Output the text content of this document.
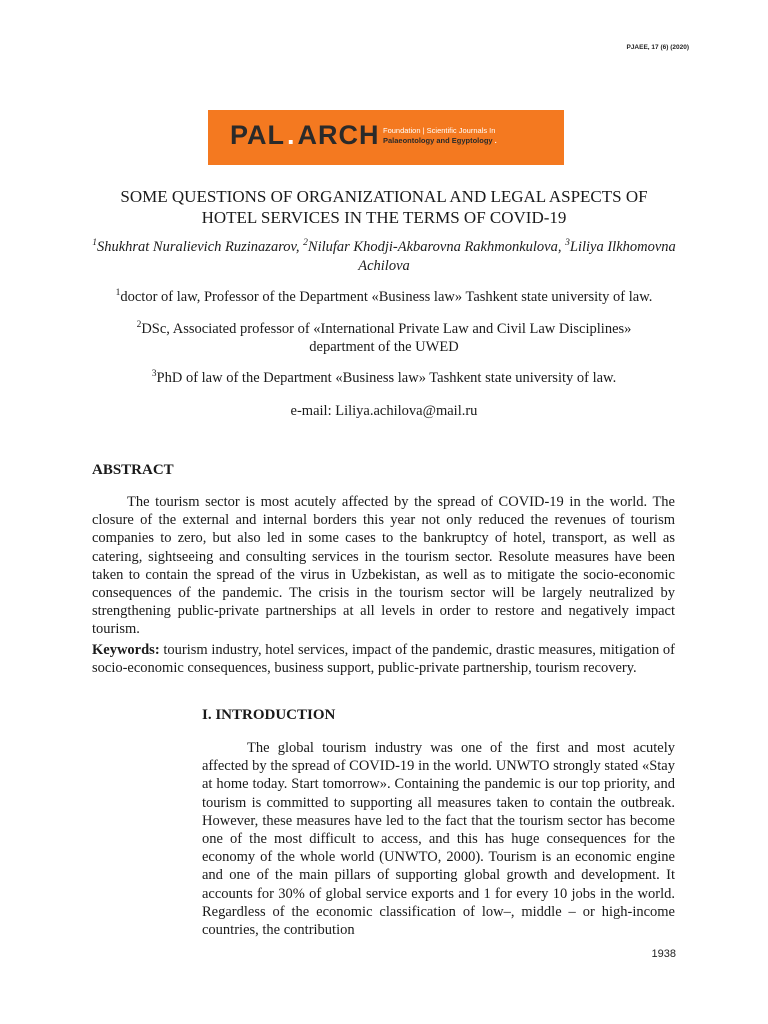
PJAEE, 17 (6) (2020)
PAL.ARCH Foundation | Scientific Journals In
Palaeontology and Egyptology .
SOME QUESTIONS OF ORGANIZATIONAL AND LEGAL ASPECTS OF
HOTEL SERVICES IN THE TERMS OF COVID-19
$^1$Shukhrat Nuralievich Ruzinazarov, $^2$Nilufar Khodji-Akbarovna Rakhmonkulova, $^3$Liliya Ilkhomovna Achilova
$^1$doctor of law, Professor of the Department «Business law» Tashkent state university of law.
$^2$DSc, Associated professor of «International Private Law and Civil Law Disciplines» department of the UWED
$^3$PhD of law of the Department «Business law» Tashkent state university of law.
e-mail: Liliya.achilova@mail.ru
ABSTRACT

The tourism sector is most acutely affected by the spread of COVID-19 in the world. The closure of the external and internal borders this year not only reduced the revenues of tourism companies to zero, but also led in some cases to the bankruptcy of hotel, transport, as well as catering, sightseeing and consulting services in the tourism sector. Resolute measures have been taken to contain the spread of the virus in Uzbekistan, as well as to mitigate the socio-economic consequences of the pandemic. The crisis in the tourism sector will be largely neutralized by strengthening public-private partnerships at all levels in order to restore and negatively impact tourism.

Keywords: tourism industry, hotel services, impact of the pandemic, drastic measures, mitigation of socio-economic consequences, business support, public-private partnership, tourism recovery.

I. INTRODUCTION

The global tourism industry was one of the first and most acutely affected by the spread of COVID-19 in the world. UNWTO strongly stated «Stay at home today. Start tomorrow». Containing the pandemic is our top priority, and tourism is committed to supporting all measures taken to contain the outbreak. However, these measures have led to the fact that the tourism sector has become one of the most difficult to access, and this has huge consequences for the economy of the whole world (UNWTO, 2000). Tourism is an economic engine and one of the main pillars of supporting global growth and development. It accounts for 30% of global service exports and 1 for every 10 jobs in the world. Regardless of the economic classification of low–, middle – or high-income countries, the contribution

1938
